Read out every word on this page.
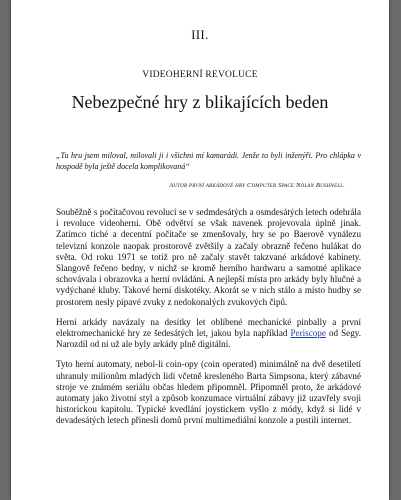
III.
VIDEOHERNÍ REVOLUCE
Nebezpečné hry z blikajících beden
„Tu hru jsem miloval, milovali ji i všichni mí kamarádi. Jenže to byli inženýři. Pro chlápka v hospodě byla ještě docela komplikovaná“
Autor první arkádové hry Computer Space Nolan Bushnell.

Souběžně s počítačovou revolucí se v sedmdesátých a osmdesátých letech odehrála i revoluce videoherní. Obě odvětví se však navenek projevovala úplně jinak. Zatímco tiché a decentní počítače se zmenšovaly, hry se po Baerově vynálezu televizní konzole naopak prostorově zvětšily a začaly obrazně řečeno hulákat do světa. Od roku 1971 se totiž pro ně začaly stavět takzvané arkádové kabinety. Slangově řečeno bedny, v nichž se kromě herního hardwaru a samotné aplikace schovávala i obrazovka a herní ovládání. A nejlepší místa pro arkády byly hlučné a vydýchané kluby. Takové herní diskotéky. Akorát se v nich stálo a místo hudby se prostorem nesly pípavé zvuky z nedokonalých zvukových čipů.

Herní arkády navázaly na desítky let oblíbené mechanické pinbally a první elektromechanické hry ze šedesátých let, jakou byla například Periscope od Segy. Narozdíl od ní už ale byly arkády plně digitální.

Tyto herní automaty, nebol-li coin-opy (coin operated) minimálně na dvě desetiletí uhranuly milionům mladých lidí včetně kresleného Barta Simpsona, který zábavné stroje ve známém seriálu občas hledem připomněl. Připomněl proto, že arkádové automaty jako životní styl a způsob konzumace virtuální zábavy již uzavřely svoji historickou kapitolu. Typické kvedlání joystickem vyšlo z módy, když si lidé v devadesátých letech přinesli domů první multimediální konzole a pustili internet.
